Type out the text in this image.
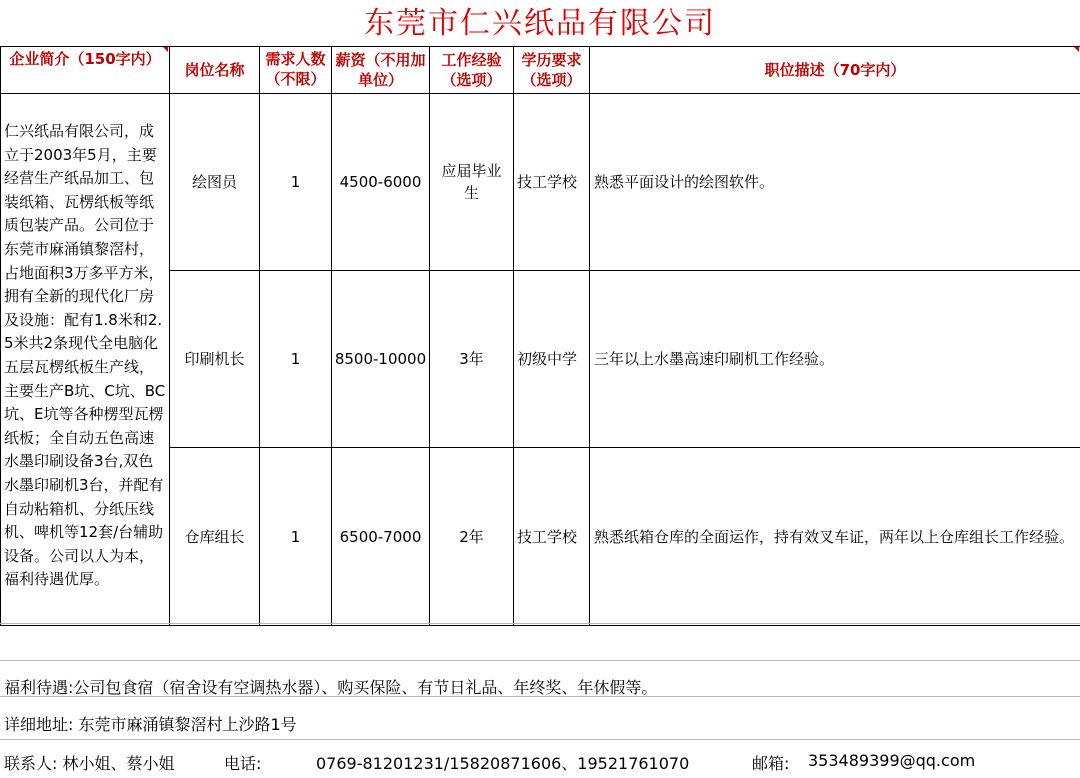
东莞市仁兴纸品有限公司
企业简介（150字内）	岗位名称	需求人数（不限）	薪资（不用加单位）	工作经验（选项）	学历要求（选项）	职位描述（70字内）
仁兴纸品有限公司，成立于2003年5月，主要经营生产纸品加工、包装纸箱、瓦楞纸板等纸质包装产品。公司位于东莞市麻涌镇黎滘村，占地面积3万多平方米，拥有全新的现代化厂房及设施：配有1.8米和2.5米共2条现代全电脑化五层瓦楞纸板生产线，主要生产B坑、C坑、BC坑、E坑等各种楞型瓦楞纸板；全自动五色高速水墨印刷设备3台,双色水墨印刷机3台，并配有自动粘箱机、分纸压线机、啤机等12套/台辅助设备。公司以人为本，福利待遇优厚。	绘图员	1	4500-6000	应届毕业生	技工学校	熟悉平面设计的绘图软件。
	印刷机长	1	8500-10000	3年	初级中学	三年以上水墨高速印刷机工作经验。
	仓库组长	1	6500-7000	2年	技工学校	熟悉纸箱仓库的全面运作，持有效叉车证，两年以上仓库组长工作经验。
福利待遇:公司包食宿（宿舍设有空调热水器）、购买保险、有节日礼品、年终奖、年休假等。
详细地址: 东莞市麻涌镇黎滘村上沙路1号
联系人: 林小姐、蔡小姐	电话:	0769-81201231/15820871606、19521761070	邮箱: 353489399@qq.com
